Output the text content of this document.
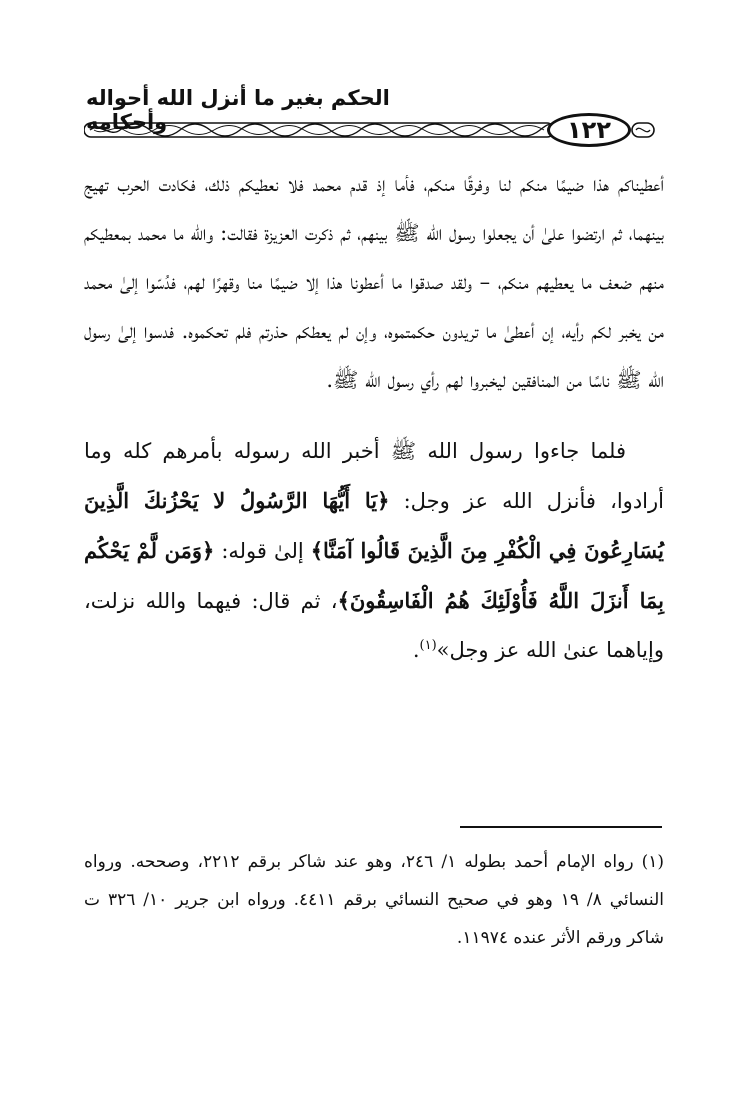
الحكم بغير ما أنزل الله أحواله وأحكامه	١٢٢

أعطيناكم هذا ضيمًا منكم لنا وفرقًا منكم، فأما إذ قدم محمد فلا نعطيكم ذلك، فكادت الحرب تهيج بينهما، ثم ارتضوا علىٰ أن يجعلوا رسول الله ﷺ بينهم، ثم ذكرت العزيزة فقالت: والله ما محمد بمعطيكم منهم ضعف ما يعطيهم منكم، – ولقد صدقوا ما أعطونا هذا إلا ضيمًا منا وقهرًا لهم، فدُسّوا إلىٰ محمد من يخبر لكم رأيه، إن أعطىٰ ما تريدون حكمتموه، وإن لم يعطكم حذرتم فلم تحكموه. فدسوا إلىٰ رسول الله ﷺ ناسًا من المنافقين ليخبروا لهم رأي رسول الله ﷺ.

فلما جاءوا رسول الله ﷺ أخبر الله رسوله بأمرهم كله وما أرادوا، فأنزل الله عز وجل: ﴿يَا أَيُّهَا الرَّسُولُ لا يَحْزُنكَ الَّذِينَ يُسَارِعُونَ فِي الْكُفْرِ مِنَ الَّذِينَ قَالُوا آمَنَّا﴾ إلىٰ قوله: ﴿وَمَن لَّمْ يَحْكُم بِمَا أَنزَلَ اللَّهُ فَأُوْلَئِكَ هُمُ الْفَاسِقُونَ﴾، ثم قال: فيهما والله نزلت، وإياهما عنىٰ الله عز وجل»$^{(١)}$.

(١) رواه الإمام أحمد بطوله ١/ ٢٤٦، وهو عند شاكر برقم ٢٢١٢، وصححه. ورواه النسائي ٨/ ١٩ وهو في صحيح النسائي برقم ٤٤١١. ورواه ابن جرير ١٠/ ٣٢٦ ت شاكر ورقم الأثر عنده ١١٩٧٤.
